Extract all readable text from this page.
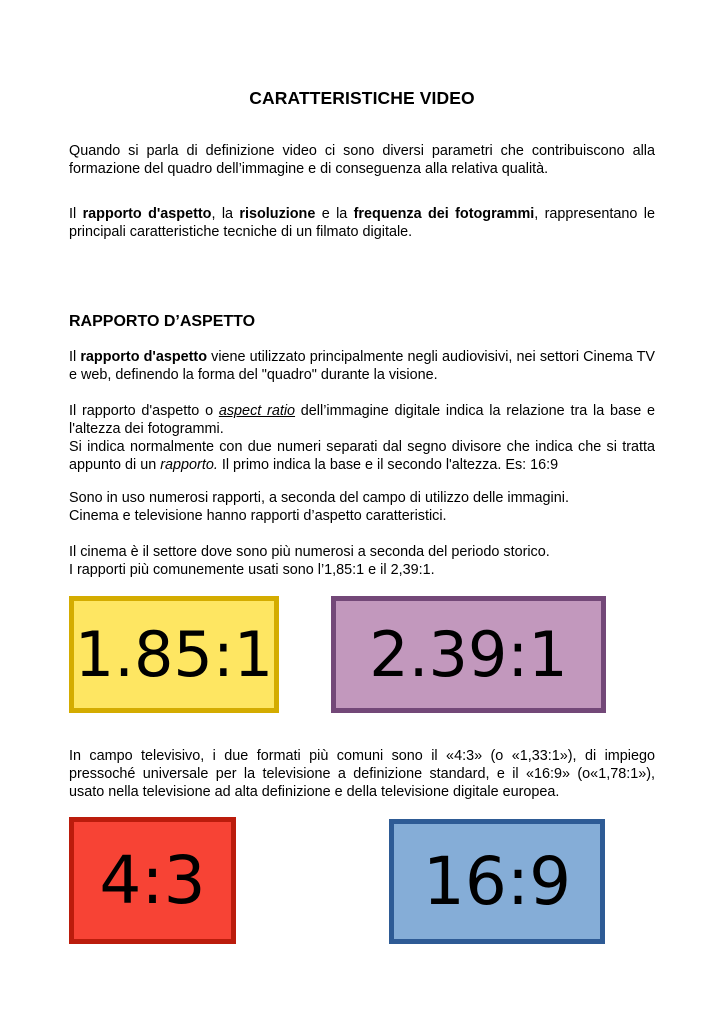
CARATTERISTICHE VIDEO

Quando si parla di definizione video ci sono diversi parametri che contribuiscono alla formazione del quadro dell’immagine e di conseguenza alla relativa qualità.

Il rapporto d'aspetto, la risoluzione e la frequenza dei fotogrammi, rappresentano le principali caratteristiche tecniche di un filmato digitale.

RAPPORTO D’ASPETTO

Il rapporto d'aspetto viene utilizzato principalmente negli audiovisivi, nei settori Cinema TV e web, definendo la forma del "quadro" durante la visione.

Il rapporto d'aspetto o aspect ratio dell’immagine digitale indica la relazione tra la base e l'altezza dei fotogrammi.

Si indica normalmente con due numeri separati dal segno divisore che indica che si tratta appunto di un rapporto. Il primo indica la base e il secondo l'altezza. Es: 16:9

Sono in uso numerosi rapporti, a seconda del campo di utilizzo delle immagini.
Cinema e televisione hanno rapporti d’aspetto caratteristici.
Il cinema è il settore dove sono più numerosi a seconda del periodo storico.
I rapporti più comunemente usati sono l’1,85:1 e il 2,39:1.
1.85:1 2.39:1

In campo televisivo, i due formati più comuni sono il «4:3» (o «1,33:1»), di impiego pressoché universale per la televisione a definizione standard, e il «16:9» (o«1,78:1»), usato nella televisione ad alta definizione e della televisione digitale europea.

4:3	16:9
